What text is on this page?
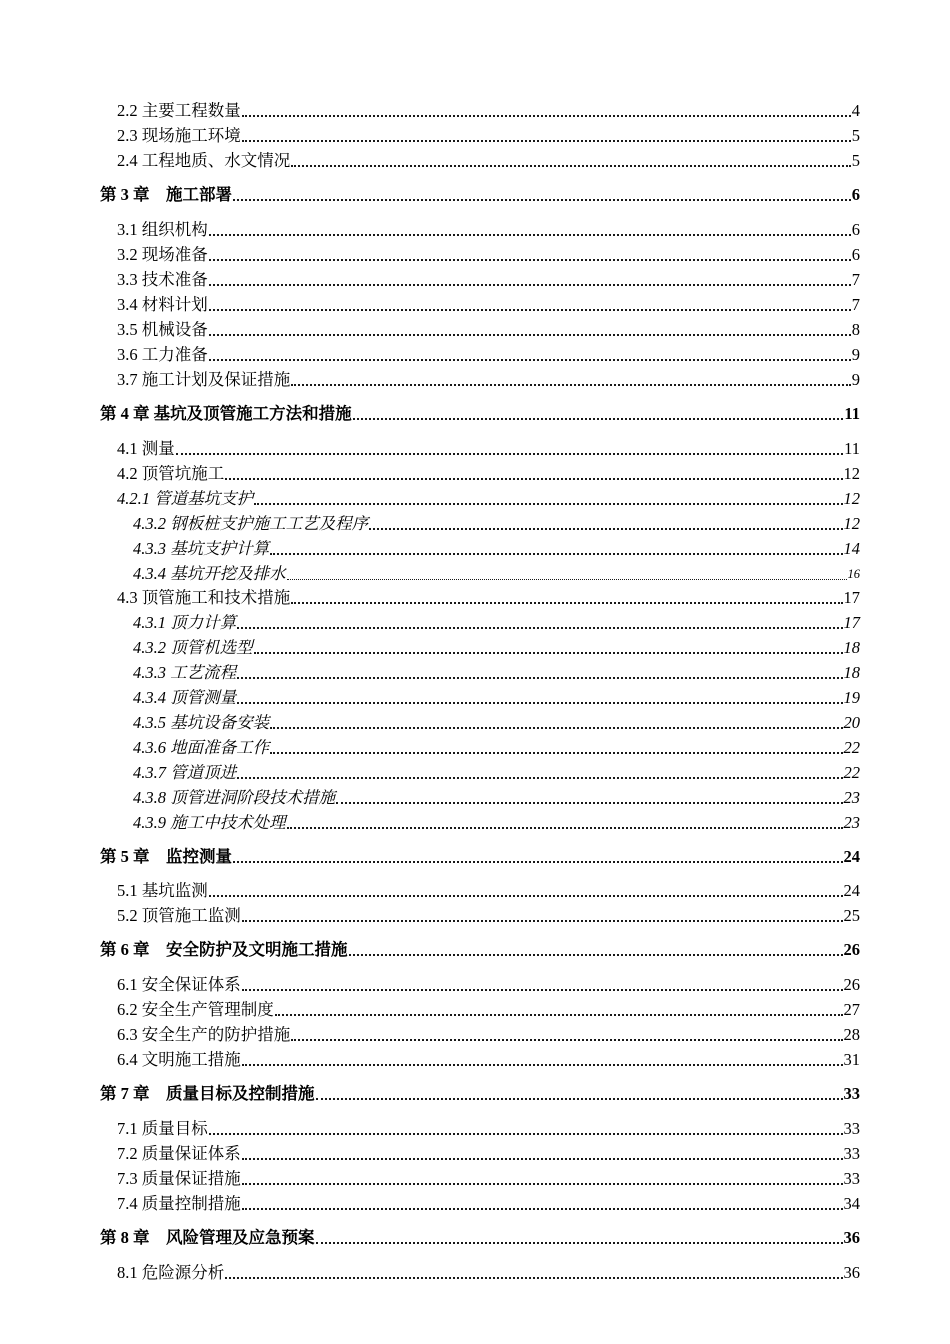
2.2 主要工程数量	4
2.3 现场施工环境	5
2.4 工程地质、水文情况	5
第 3 章　施工部署	6
3.1 组织机构	6
3.2 现场准备	6
3.3 技术准备	7
3.4 材料计划	7
3.5 机械设备	8
3.6 工力准备	9
3.7 施工计划及保证措施	9
第 4 章 基坑及顶管施工方法和措施	11
4.1 测量	11
4.2 顶管坑施工	12
4.2.1 管道基坑支护	12
4.3.2 钢板桩支护施工工艺及程序	12
4.3.3 基坑支护计算	14
4.3.4 基坑开挖及排水	16
4.3 顶管施工和技术措施	17
4.3.1 顶力计算	17
4.3.2 顶管机选型	18
4.3.3 工艺流程	18
4.3.4 顶管测量	19
4.3.5 基坑设备安装	20
4.3.6 地面准备工作	22
4.3.7 管道顶进	22
4.3.8 顶管进洞阶段技术措施	23
4.3.9 施工中技术处理	23
第 5 章　监控测量	24
5.1 基坑监测	24
5.2 顶管施工监测	25
第 6 章　安全防护及文明施工措施	26
6.1 安全保证体系	26
6.2 安全生产管理制度	27
6.3 安全生产的防护措施	28
6.4 文明施工措施	31
第 7 章　质量目标及控制措施	33
7.1 质量目标	33
7.2 质量保证体系	33
7.3 质量保证措施	33
7.4 质量控制措施	34
第 8 章　风险管理及应急预案	36
8.1 危险源分析	36
